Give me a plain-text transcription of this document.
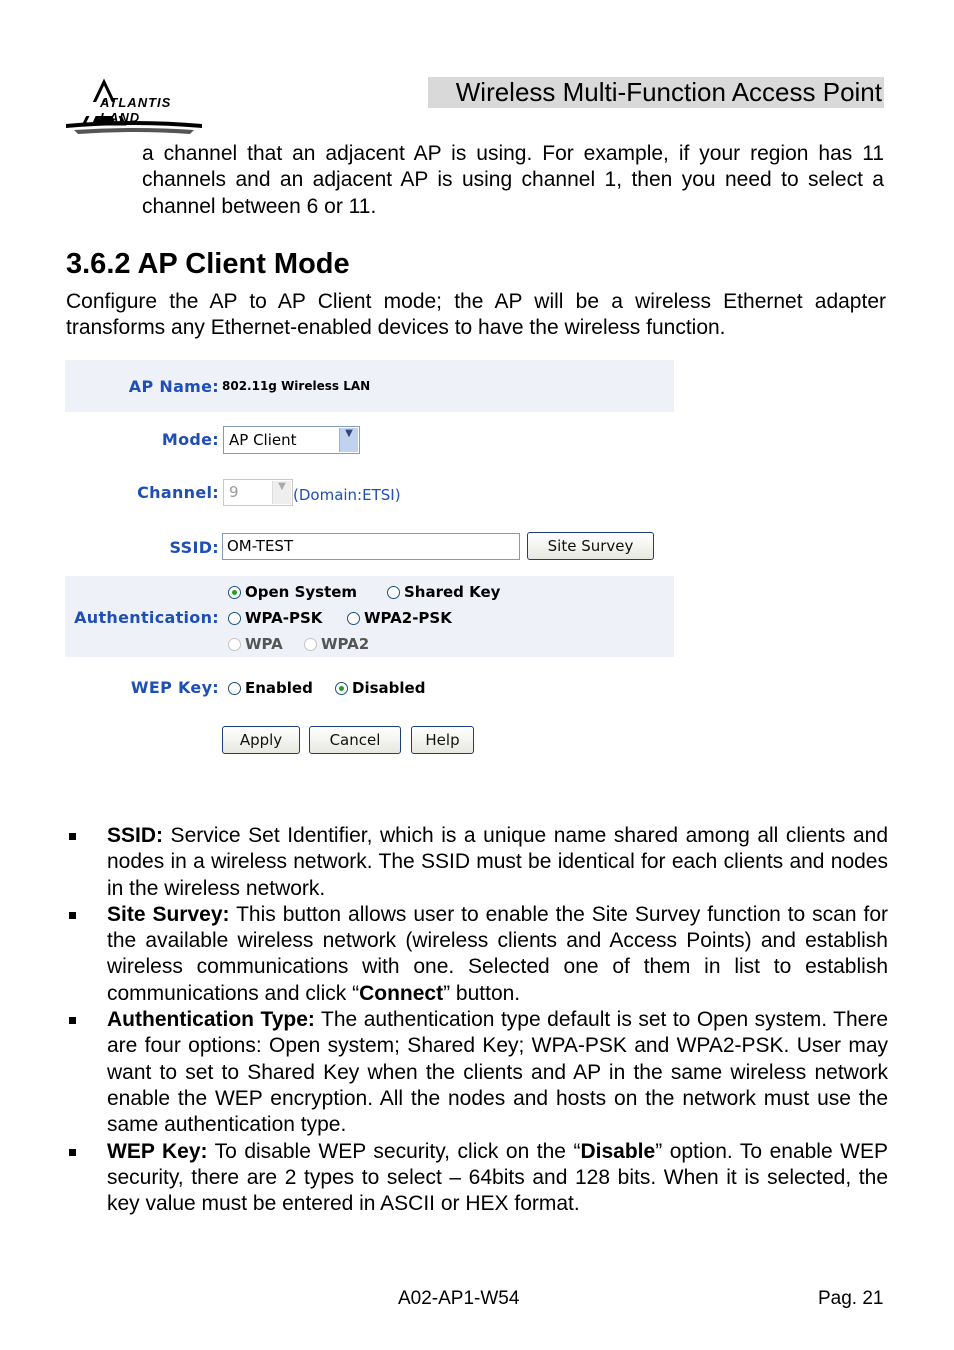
ATLANTIS LAND
Wireless Multi-Function Access Point
a channel that an adjacent AP is using. For example, if your region has 11 channels and an adjacent AP is using channel 1, then you need to select a channel between 6 or 11.
3.6.2 AP Client Mode
Configure the AP to AP Client mode; the AP will be a wireless Ethernet adapter transforms any Ethernet-enabled devices to have the wireless function.
AP Name: 802.11g Wireless LAN
Mode: AP Client	▼
Channel: 9	▼ (Domain:ETSI)
SSID: OM-TEST	Site Survey
Authentication:
Open System	Shared Key
WPA-PSK	WPA2-PSK
WPA	WPA2
WEP Key:	Enabled	Disabled
Apply	Cancel	Help
SSID: Service Set Identifier, which is a unique name shared among all clients and nodes in a wireless network. The SSID must be identical for each clients and nodes in the wireless network.
Site Survey: This button allows user to enable the Site Survey function to scan for the available wireless network (wireless clients and Access Points) and establish wireless communications with one. Selected one of them in list to establish communications and click “Connect” button.
Authentication Type: The authentication type default is set to Open system. There are four options: Open system; Shared Key; WPA-PSK and WPA2-PSK. User may want to set to Shared Key when the clients and AP in the same wireless network enable the WEP encryption. All the nodes and hosts on the network must use the same authentication type.
WEP Key: To disable WEP security, click on the “Disable” option. To enable WEP security, there are 2 types to select – 64bits and 128 bits. When it is selected, the key value must be entered in ASCII or HEX format.
A02-AP1-W54	Pag. 21
